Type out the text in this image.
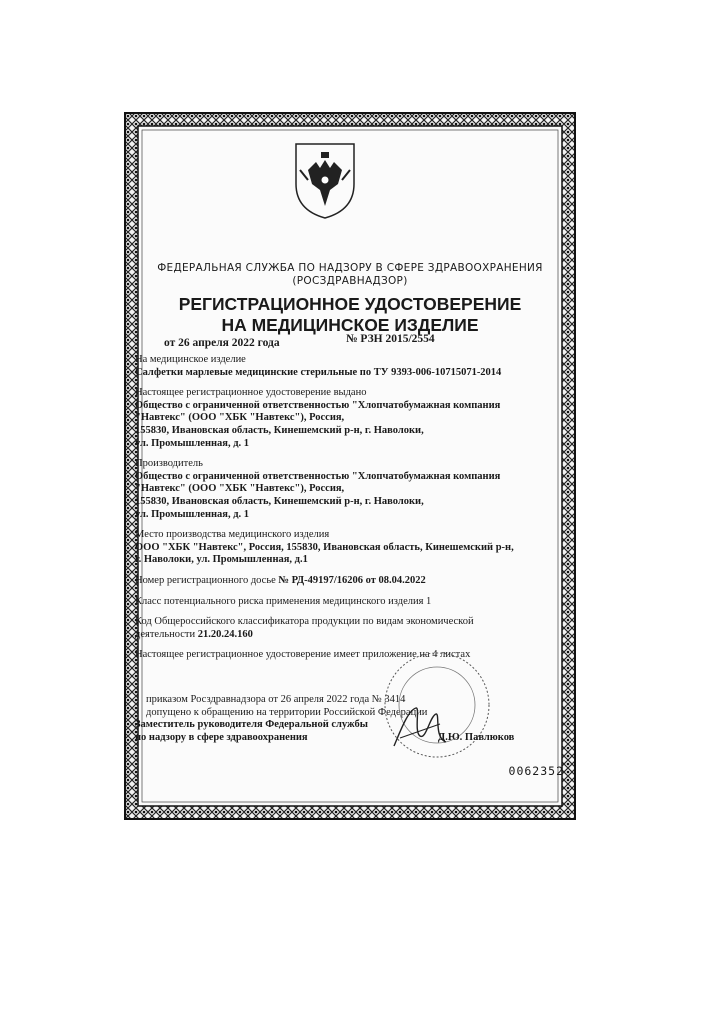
ФЕДЕРАЛЬНАЯ СЛУЖБА ПО НАДЗОРУ В СФЕРЕ ЗДРАВООХРАНЕНИЯ
(РОСЗДРАВНАДЗОР)
РЕГИСТРАЦИОННОЕ УДОСТОВЕРЕНИЕ
НА МЕДИЦИНСКОЕ ИЗДЕЛИЕ
от 26 апреля 2022 года	№ РЗН 2015/2554

На медицинское изделие

Салфетки марлевые медицинские стерильные по ТУ 9393-006-10715071-2014

Настоящее регистрационное удостоверение выдано

Общество с ограниченной ответственностью "Хлопчатобумажная компания

"Навтекс" (ООО "ХБК "Навтекс"), Россия,

155830, Ивановская область, Кинешемский р-н, г. Наволоки,

ул. Промышленная, д. 1

Производитель

Общество с ограниченной ответственностью "Хлопчатобумажная компания

"Навтекс" (ООО "ХБК "Навтекс"), Россия,

155830, Ивановская область, Кинешемский р-н, г. Наволоки,

ул. Промышленная, д. 1

Место производства медицинского изделия

ООО "ХБК "Навтекс", Россия, 155830, Ивановская область, Кинешемский р-н,

г. Наволоки, ул. Промышленная, д.1

Номер регистрационного досье № РД-49197/16206 от 08.04.2022

Класс потенциального риска применения медицинского изделия 1

Код Общероссийского классификатора продукции по видам экономической

деятельности 21.20.24.160

Настоящее регистрационное удостоверение имеет приложение на 4 листах

приказом Росздравнадзора от 26 апреля 2022 года № 3414

допущено к обращению на территории Российской Федерации

Заместитель руководителя Федеральной службы

по надзору в сфере здравоохранения	Д.Ю. Павлюков
0062352
